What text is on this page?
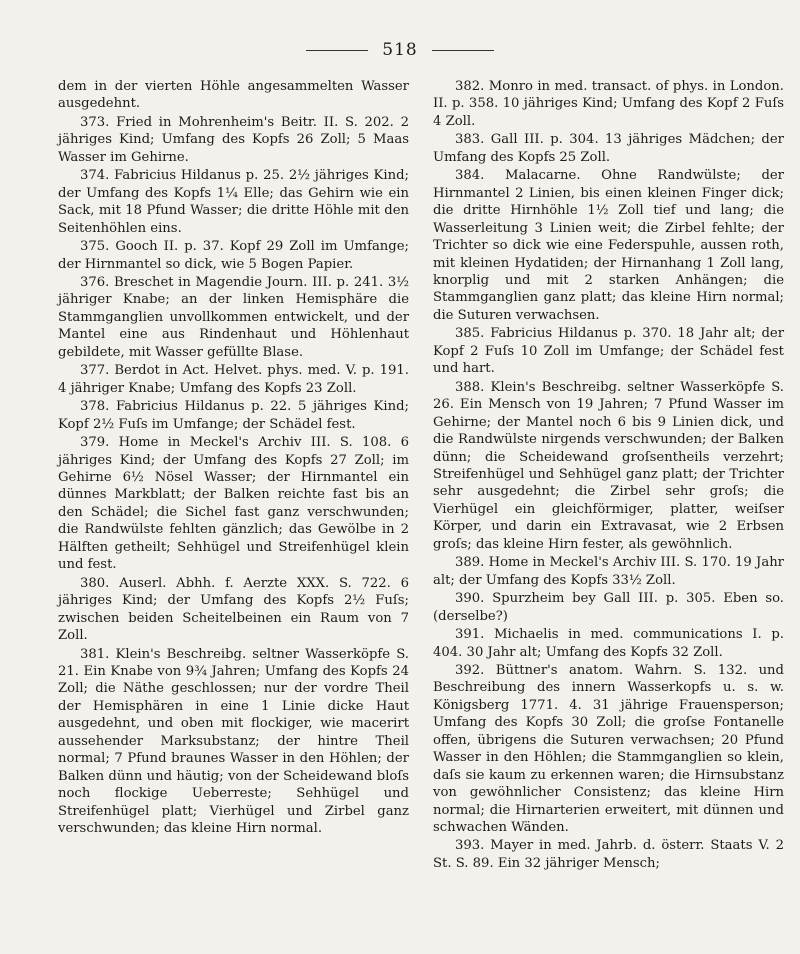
518

dem in der vierten Höhle angesammelten Wasser ausgedehnt.

373. Fried in Mohrenheim's Beitr. II. S. 202. 2 jähriges Kind; Umfang des Kopfs 26 Zoll; 5 Maas Wasser im Gehirne.

374. Fabricius Hildanus p. 25. 2½ jähriges Kind; der Umfang des Kopfs 1¼ Elle; das Gehirn wie ein Sack, mit 18 Pfund Wasser; die dritte Höhle mit den Seitenhöhlen eins.

375. Gooch II. p. 37. Kopf 29 Zoll im Umfange; der Hirnmantel so dick, wie 5 Bogen Papier.

376. Breschet in Magendie Journ. III. p. 241. 3½ jähriger Knabe; an der linken Hemisphäre die Stammganglien unvollkommen entwickelt, und der Mantel eine aus Rindenhaut und Höhlenhaut gebildete, mit Wasser gefüllte Blase.

377. Berdot in Act. Helvet. phys. med. V. p. 191. 4 jähriger Knabe; Umfang des Kopfs 23 Zoll.

378. Fabricius Hildanus p. 22. 5 jähriges Kind; Kopf 2½ Fuſs im Umfange; der Schädel fest.

379. Home in Meckel's Archiv III. S. 108. 6 jähriges Kind; der Umfang des Kopfs 27 Zoll; im Gehirne 6½ Nösel Wasser; der Hirnmantel ein dünnes Markblatt; der Balken reichte fast bis an den Schädel; die Sichel fast ganz verschwunden; die Randwülste fehlten gänzlich; das Gewölbe in 2 Hälften getheilt; Sehhügel und Streifenhügel klein und fest.

380. Auserl. Abhh. f. Aerzte XXX. S. 722. 6 jähriges Kind; der Umfang des Kopfs 2½ Fuſs; zwischen beiden Scheitelbeinen ein Raum von 7 Zoll.

381. Klein's Beschreibg. seltner Wasserköpfe S. 21. Ein Knabe von 9¾ Jahren; Umfang des Kopfs 24 Zoll; die Näthe geschlossen; nur der vordre Theil der Hemisphären in eine 1 Linie dicke Haut ausgedehnt, und oben mit flockiger, wie macerirt aussehender Marksubstanz; der hintre Theil normal; 7 Pfund braunes Wasser in den Höhlen; der Balken dünn und häutig; von der Scheidewand bloſs noch flockige Ueberreste; Sehhügel und Streifenhügel platt; Vierhügel und Zirbel ganz verschwunden; das kleine Hirn normal.

382. Monro in med. transact. of phys. in London. II. p. 358. 10 jähriges Kind; Umfang des Kopf 2 Fuſs 4 Zoll.

383. Gall III. p. 304. 13 jähriges Mädchen; der Umfang des Kopfs 25 Zoll.

384. Malacarne. Ohne Randwülste; der Hirnmantel 2 Linien, bis einen kleinen Finger dick; die dritte Hirnhöhle 1½ Zoll tief und lang; die Wasserleitung 3 Linien weit; die Zirbel fehlte; der Trichter so dick wie eine Federspuhle, aussen roth, mit kleinen Hydatiden; der Hirnanhang 1 Zoll lang, knorplig und mit 2 starken Anhängen; die Stammganglien ganz platt; das kleine Hirn normal; die Suturen verwachsen.

385. Fabricius Hildanus p. 370. 18 Jahr alt; der Kopf 2 Fuſs 10 Zoll im Umfange; der Schädel fest und hart.

388. Klein's Beschreibg. seltner Wasserköpfe S. 26. Ein Mensch von 19 Jahren; 7 Pfund Wasser im Gehirne; der Mantel noch 6 bis 9 Linien dick, und die Randwülste nirgends verschwunden; der Balken dünn; die Scheidewand groſsentheils verzehrt; Streifenhügel und Sehhügel ganz platt; der Trichter sehr ausgedehnt; die Zirbel sehr groſs; die Vierhügel ein gleichförmiger, platter, weiſser Körper, und darin ein Extravasat, wie 2 Erbsen groſs; das kleine Hirn fester, als gewöhnlich.

389. Home in Meckel's Archiv III. S. 170. 19 Jahr alt; der Umfang des Kopfs 33½ Zoll.

390. Spurzheim bey Gall III. p. 305. Eben so. (derselbe?)

391. Michaelis in med. communications I. p. 404. 30 Jahr alt; Umfang des Kopfs 32 Zoll.

392. Büttner's anatom. Wahrn. S. 132. und Beschreibung des innern Wasserkopfs u. s. w. Königsberg 1771. 4. 31 jährige Frauensperson; Umfang des Kopfs 30 Zoll; die groſse Fontanelle offen, übrigens die Suturen verwachsen; 20 Pfund Wasser in den Höhlen; die Stammganglien so klein, daſs sie kaum zu erkennen waren; die Hirnsubstanz von gewöhnlicher Consistenz; das kleine Hirn normal; die Hirnarterien erweitert, mit dünnen und schwachen Wänden.

393. Mayer in med. Jahrb. d. österr. Staats V. 2 St. S. 89. Ein 32 jähriger Mensch;
